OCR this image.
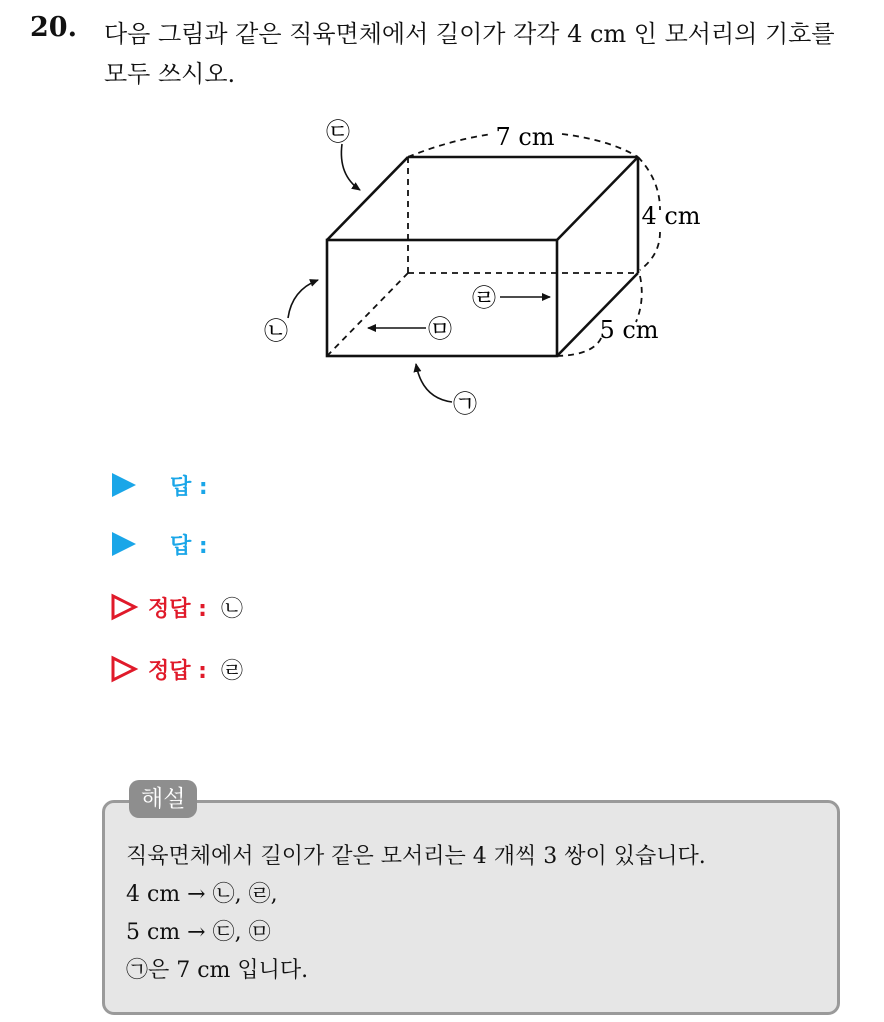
20. 다음 그림과 같은 직육면체에서 길이가 각각 4 cm 인 모서리의 기호를
모두 쓰시오.
㉢
㉡
㉠
㉣
㉤
7 cm
4 cm
5 cm
답 :
답 :
정답 : ㉡
정답 : ㉣
해설
직육면체에서 길이가 같은 모서리는 4 개씩 3 쌍이 있습니다.
4 cm → ㉡, ㉣,
5 cm → ㉢, ㉤
㉠은 7 cm 입니다.
